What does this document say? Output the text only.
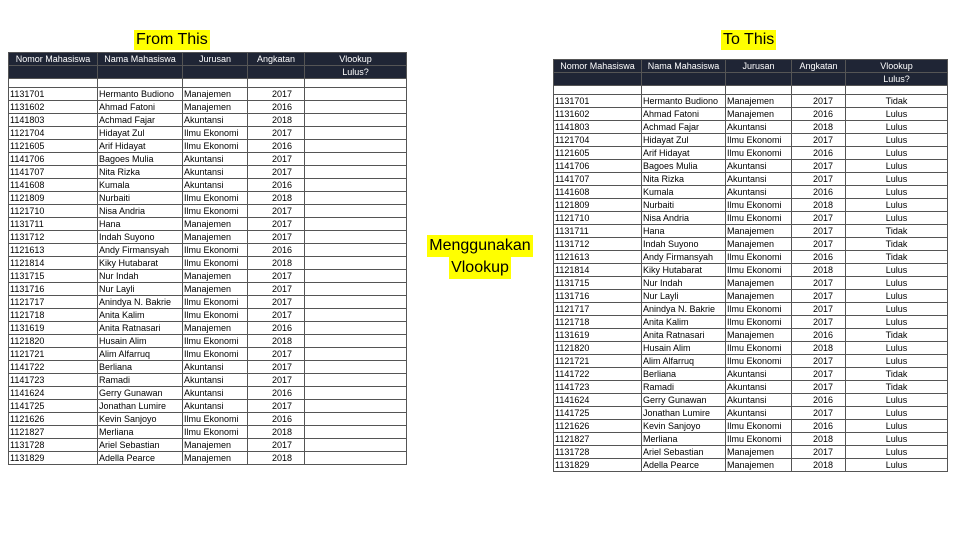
From This	To This
Menggunakan
Vlookup
Nomor Mahasiswa	Nama Mahasiswa	Jurusan	Angkatan	Vlookup
				Lulus?

1131701	Hermanto Budiono	Manajemen	2017	
1131602	Ahmad Fatoni	Manajemen	2016	
1141803	Achmad Fajar	Akuntansi	2018	
1121704	Hidayat Zul	Ilmu Ekonomi	2017	
1121605	Arif Hidayat	Ilmu Ekonomi	2016	
1141706	Bagoes Mulia	Akuntansi	2017	
1141707	Nita Rizka	Akuntansi	2017	
1141608	Kumala	Akuntansi	2016	
1121809	Nurbaiti	Ilmu Ekonomi	2018	
1121710	Nisa Andria	Ilmu Ekonomi	2017	
1131711	Hana	Manajemen	2017	
1131712	Indah Suyono	Manajemen	2017	
1121613	Andy Firmansyah	Ilmu Ekonomi	2016	
1121814	Kiky Hutabarat	Ilmu Ekonomi	2018	
1131715	Nur Indah	Manajemen	2017	
1131716	Nur Layli	Manajemen	2017	
1121717	Anindya N. Bakrie	Ilmu Ekonomi	2017	
1121718	Anita Kalim	Ilmu Ekonomi	2017	
1131619	Anita Ratnasari	Manajemen	2016	
1121820	Husain Alim	Ilmu Ekonomi	2018	
1121721	Alim Alfarruq	Ilmu Ekonomi	2017	
1141722	Berliana	Akuntansi	2017	
1141723	Ramadi	Akuntansi	2017	
1141624	Gerry Gunawan	Akuntansi	2016	
1141725	Jonathan Lumire	Akuntansi	2017	
1121626	Kevin Sanjoyo	Ilmu Ekonomi	2016	
1121827	Merliana	Ilmu Ekonomi	2018	
1131728	Ariel Sebastian	Manajemen	2017	
1131829	Adella Pearce	Manajemen	2018	
Nomor Mahasiswa	Nama Mahasiswa	Jurusan	Angkatan	Vlookup
				Lulus?

1131701	Hermanto Budiono	Manajemen	2017	Tidak
1131602	Ahmad Fatoni	Manajemen	2016	Lulus
1141803	Achmad Fajar	Akuntansi	2018	Lulus
1121704	Hidayat Zul	Ilmu Ekonomi	2017	Lulus
1121605	Arif Hidayat	Ilmu Ekonomi	2016	Lulus
1141706	Bagoes Mulia	Akuntansi	2017	Lulus
1141707	Nita Rizka	Akuntansi	2017	Lulus
1141608	Kumala	Akuntansi	2016	Lulus
1121809	Nurbaiti	Ilmu Ekonomi	2018	Lulus
1121710	Nisa Andria	Ilmu Ekonomi	2017	Lulus
1131711	Hana	Manajemen	2017	Tidak
1131712	Indah Suyono	Manajemen	2017	Tidak
1121613	Andy Firmansyah	Ilmu Ekonomi	2016	Tidak
1121814	Kiky Hutabarat	Ilmu Ekonomi	2018	Lulus
1131715	Nur Indah	Manajemen	2017	Lulus
1131716	Nur Layli	Manajemen	2017	Lulus
1121717	Anindya N. Bakrie	Ilmu Ekonomi	2017	Lulus
1121718	Anita Kalim	Ilmu Ekonomi	2017	Lulus
1131619	Anita Ratnasari	Manajemen	2016	Tidak
1121820	Husain Alim	Ilmu Ekonomi	2018	Lulus
1121721	Alim Alfarruq	Ilmu Ekonomi	2017	Lulus
1141722	Berliana	Akuntansi	2017	Tidak
1141723	Ramadi	Akuntansi	2017	Tidak
1141624	Gerry Gunawan	Akuntansi	2016	Lulus
1141725	Jonathan Lumire	Akuntansi	2017	Lulus
1121626	Kevin Sanjoyo	Ilmu Ekonomi	2016	Lulus
1121827	Merliana	Ilmu Ekonomi	2018	Lulus
1131728	Ariel Sebastian	Manajemen	2017	Lulus
1131829	Adella Pearce	Manajemen	2018	Lulus
